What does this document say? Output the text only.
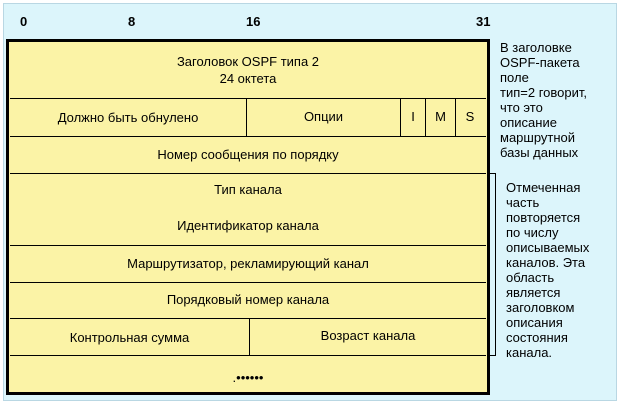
0	8	16	31
Заголовок OSPF типа 2
24 октета
Должно быть обнулено	Опции	I	M	S
Номер сообщения по порядку
Тип канала
Идентификатор канала
Маршрутизатор, рекламирующий канал
Порядковый номер канала
Контрольная сумма	Возраст канала
.••••••
В заголовке
OSPF-пакета
поле
тип=2 говорит,
что это
описание
маршрутной
базы данных
Отмеченная
часть
повторяется
по числу
описываемых
каналов. Эта
область
является
заголовком
описания
состояния
канала.
